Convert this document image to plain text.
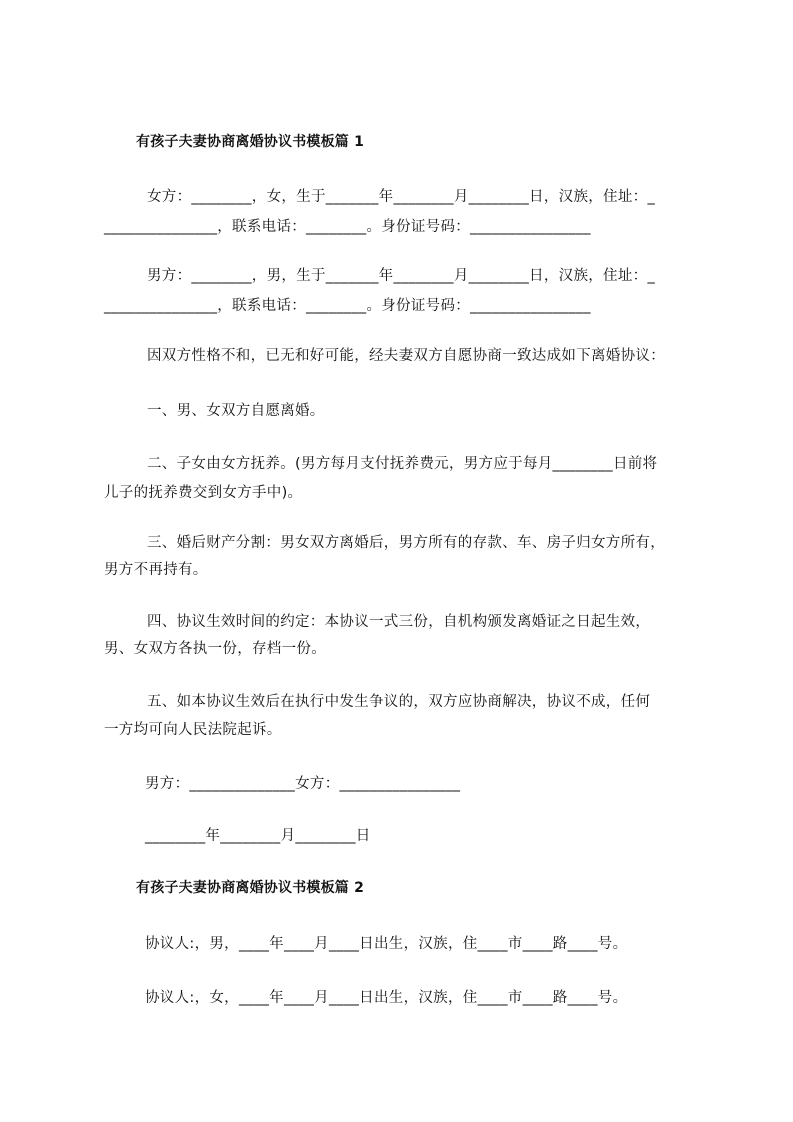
有孩子夫妻协商离婚协议书模板篇 1
女方：________，女，生于_______年________月________日，汉族，住址：_
_______________，联系电话：________。身份证号码：________________
男方：________，男，生于_______年________月________日，汉族，住址：_
_______________，联系电话：________。身份证号码：________________
因双方性格不和，已无和好可能，经夫妻双方自愿协商一致达成如下离婚协议：
一、男、女双方自愿离婚。
二、子女由女方抚养。(男方每月支付抚养费元，男方应于每月________日前将
儿子的抚养费交到女方手中)。
三、婚后财产分割：男女双方离婚后，男方所有的存款、车、房子归女方所有，
男方不再持有。
四、协议生效时间的约定：本协议一式三份，自机构颁发离婚证之日起生效，
男、女双方各执一份，存档一份。
五、如本协议生效后在执行中发生争议的，双方应协商解决，协议不成，任何
一方均可向人民法院起诉。
男方：______________女方：________________
________年________月________日
有孩子夫妻协商离婚协议书模板篇 2
协议人:，男，____年____月____日出生，汉族，住____市____路____号。
协议人:，女，____年____月____日出生，汉族，住____市____路____号。
